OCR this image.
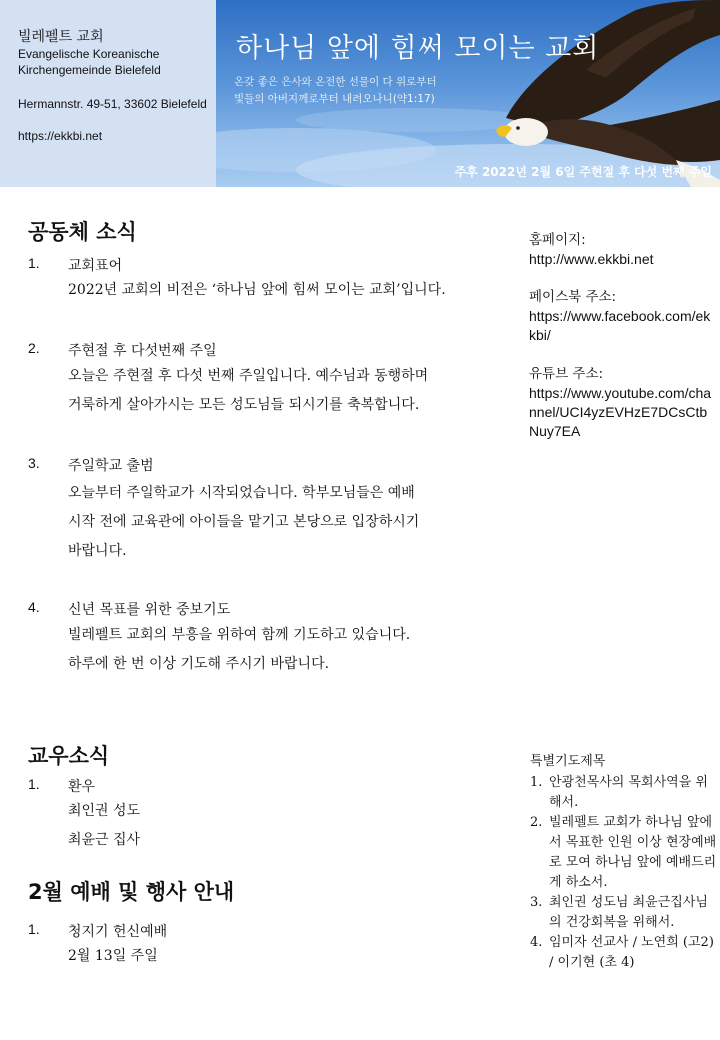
빌레펠트 교회
Evangelische Koreanische
Kirchengemeinde Bielefeld
Hermannstr. 49-51, 33602 Bielefeld
https://ekkbi.net
하나님 앞에 힘써 모이는 교회
온갖 좋은 은사와 온전한 선물이 다 위로부터
빛들의 아버지께로부터 내려오나니(약1:17)
주후 2022년 2월 6일 주현절 후 다섯 번째 주일
공동체 소식
1. 교회표어
2022년 교회의 비전은 ‘하나님 앞에 힘써 모이는 교회’입니다.
2. 주현절 후 다섯번째 주일
오늘은 주현절 후 다섯 번째 주일입니다. 예수님과 동행하며
거룩하게 살아가시는 모든 성도님들 되시기를 축복합니다.
3. 주일학교 출범
오늘부터 주일학교가 시작되었습니다. 학부모님들은 예배
시작 전에 교육관에 아이들을 맡기고 본당으로 입장하시기
바랍니다.
4. 신년 목표를 위한 중보기도
빌레펠트 교회의 부흥을 위하여 함께 기도하고 있습니다.
하루에 한 번 이상 기도해 주시기 바랍니다.
교우소식
1. 환우
최인권 성도
최윤근 집사
2월 예배 및 행사 안내
1. 청지기 헌신예배
2월 13일 주일
홈페이지:
http://www.ekkbi.net
페이스북 주소:
https://www.facebook.com/ekkbi/
유튜브 주소:
https://www.youtube.com/channel/UCI4yzEVHzE7DCsCtbNuy7EA
특별기도제목
1. 안광천목사의 목회사역을 위해서.
2. 빌레펠트 교회가 하나님 앞에서 목표한 인원 이상 현장예배로 모여 하나님 앞에 예배드리게 하소서.
3. 최인권 성도님 최윤근집사님의 건강회복을 위해서.
4. 임미자 선교사 / 노연희 (고2) / 이기현 (초 4)
